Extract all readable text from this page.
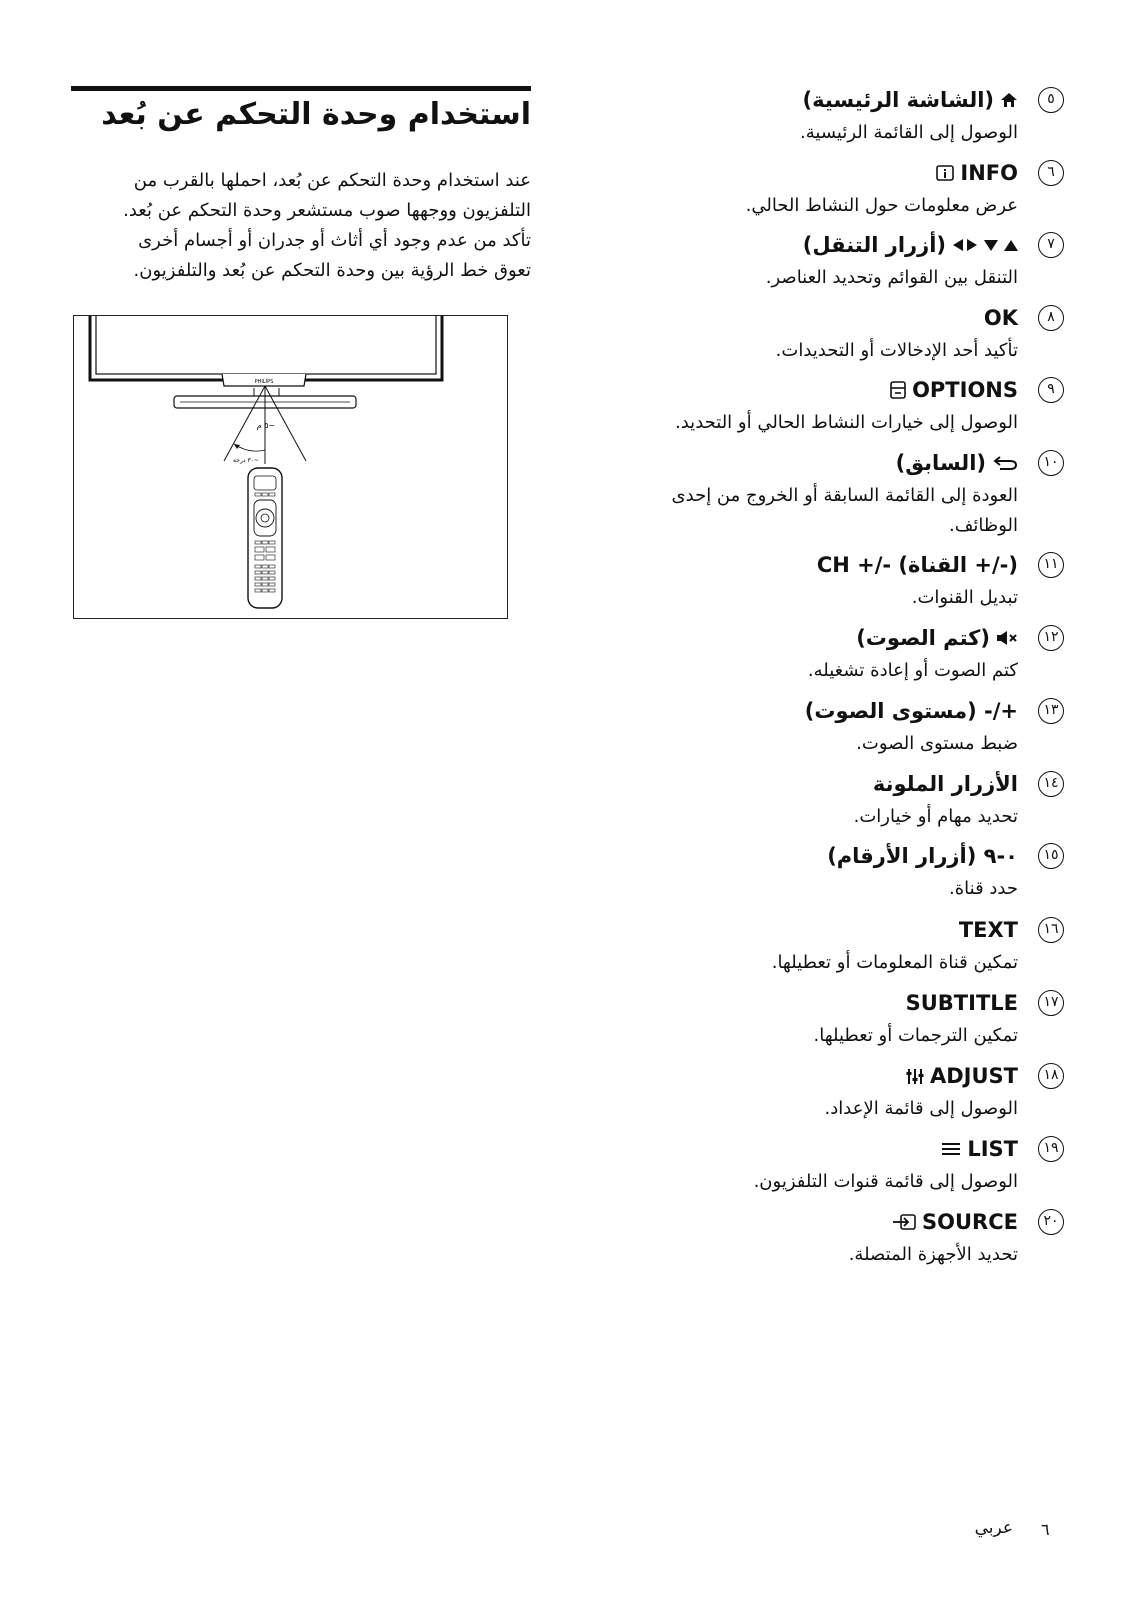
استخدام وحدة التحكم عن بُعد
عند استخدام وحدة التحكم عن بُعد، احملها بالقرب من
التلفزيون ووجهها صوب مستشعر وحدة التحكم عن بُعد.
تأكد من عدم وجود أي أثاث أو جدران أو أجسام أخرى
تعوق خط الرؤية بين وحدة التحكم عن بُعد والتلفزيون.
PHILIPS
~٥ م
~٣٠ درجة
٥
(الشاشة الرئيسية)
الوصول إلى القائمة الرئيسية.
٦
INFO
عرض معلومات حول النشاط الحالي.
٧
(أزرار التنقل)
التنقل بين القوائم وتحديد العناصر.
٨
OK
تأكيد أحد الإدخالات أو التحديدات.
٩
OPTIONS
الوصول إلى خيارات النشاط الحالي أو التحديد.
١٠
(السابق)
العودة إلى القائمة السابقة أو الخروج من إحدى الوظائف.
١١
CH +/- (القناة +/-)
تبديل القنوات.
١٢
(كتم الصوت)
كتم الصوت أو إعادة تشغيله.
١٣
+/- (مستوى الصوت)
ضبط مستوى الصوت.
١٤
الأزرار الملونة
تحديد مهام أو خيارات.
١٥
٠-٩ (أزرار الأرقام)
حدد قناة.
١٦
TEXT
تمكين قناة المعلومات أو تعطيلها.
١٧
SUBTITLE
تمكين الترجمات أو تعطيلها.
١٨
ADJUST
الوصول إلى قائمة الإعداد.
١٩
LIST
الوصول إلى قائمة قنوات التلفزيون.
٢٠
SOURCE
تحديد الأجهزة المتصلة.
عربي ٦
